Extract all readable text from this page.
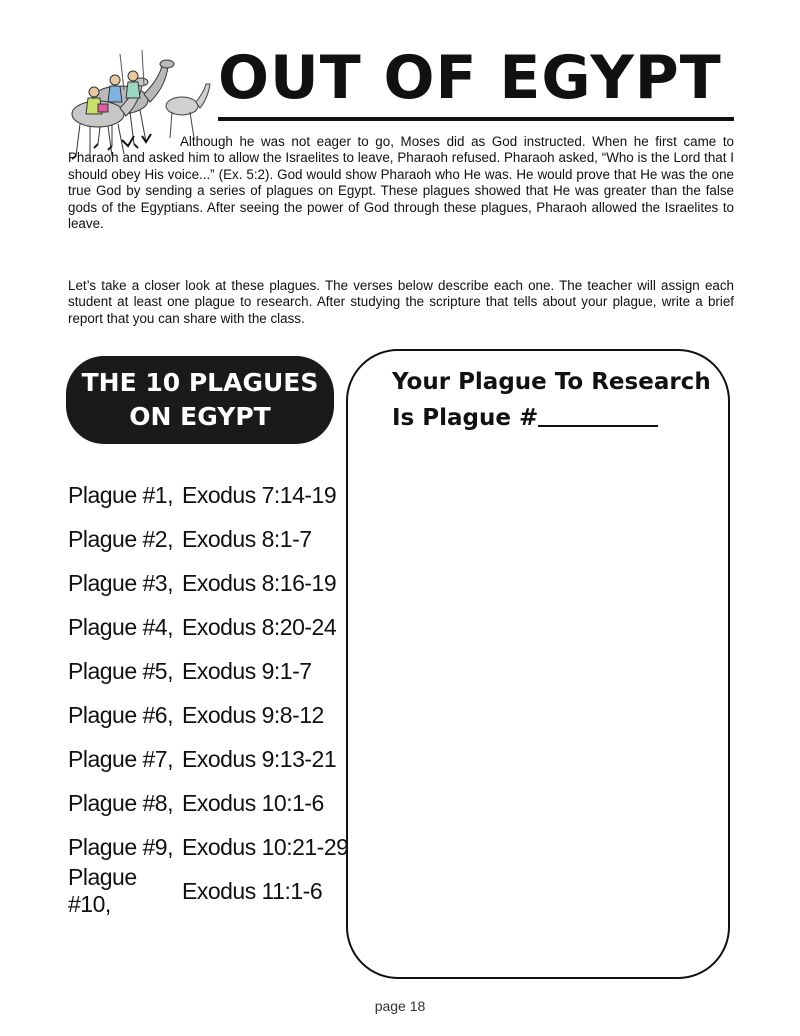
OUT OF EGYPT

Although he was not eager to go, Moses did as God instructed. When he first came to Pharaoh and asked him to allow the Israelites to leave, Pharaoh refused. Pharaoh asked, “Who is the Lord that I should obey His voice...” (Ex. 5:2). God would show Pharaoh who He was. He would prove that He was the one true God by sending a series of plagues on Egypt. These plagues showed that He was greater than the false gods of the Egyptians. After seeing the power of God through these plagues, Pharaoh allowed the Israelites to leave.

Let’s take a closer look at these plagues. The verses below describe each one. The teacher will assign each student at least one plague to research. After studying the scripture that tells about your plague, write a brief report that you can share with the class.

THE 10 PLAGUES
ON EGYPT
Plague #1, Exodus 7:14-19
Plague #2, Exodus 8:1-7
Plague #3, Exodus 8:16-19
Plague #4, Exodus 8:20-24
Plague #5, Exodus 9:1-7
Plague #6, Exodus 9:8-12
Plague #7, Exodus 9:13-21
Plague #8, Exodus 10:1-6
Plague #9, Exodus 10:21-29
Plague #10,
Exodus 11:1-6
Your Plague To Research
Is Plague #
page 18
